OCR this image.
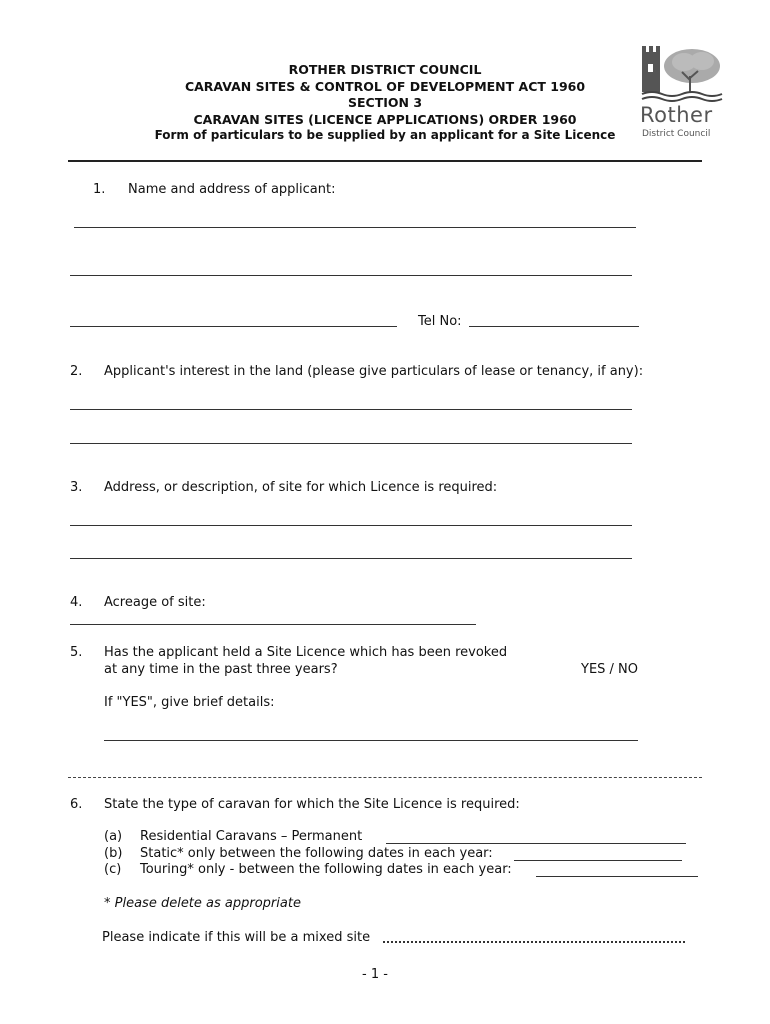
ROTHER DISTRICT COUNCIL
CARAVAN SITES & CONTROL OF DEVELOPMENT ACT 1960
SECTION 3
CARAVAN SITES (LICENCE APPLICATIONS) ORDER 1960
Form of particulars to be supplied by an applicant for a Site Licence
Rother
District Council
1. Name and address of applicant:
Tel No:
2. Applicant's interest in the land (please give particulars of lease or tenancy, if any):
3. Address, or description, of site for which Licence is required:
4. Acreage of site:
5. Has the applicant held a Site Licence which has been revoked
at any time in the past three years?	YES / NO
If "YES", give brief details:
6. State the type of caravan for which the Site Licence is required:
(a) Residential Caravans – Permanent
(b) Static* only between the following dates in each year:
(c) Touring* only - between the following dates in each year:
* Please delete as appropriate
Please indicate if this will be a mixed site
- 1 -
